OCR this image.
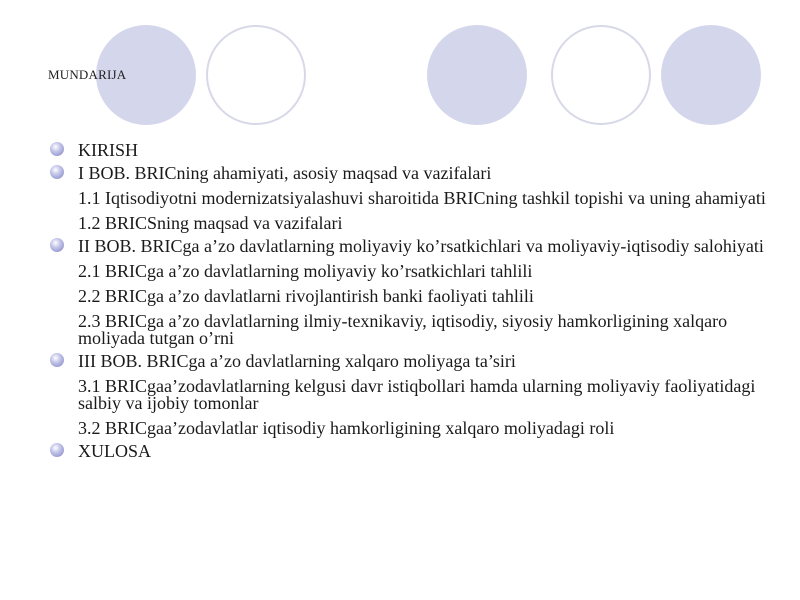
MUNDARIJA
KIRISH
I BOB. BRICning ahamiyati, asosiy maqsad va vazifalari
1.1 Iqtisodiyotni modernizatsiyalashuvi sharoitida BRICning tashkil topishi va uning ahamiyati
1.2 BRICSning maqsad va vazifalari
II BOB. BRICga a’zo davlatlarning moliyaviy ko’rsatkichlari va moliyaviy-iqtisodiy salohiyati
2.1 BRICga a’zo davlatlarning moliyaviy ko’rsatkichlari tahlili
2.2 BRICga a’zo davlatlarni rivojlantirish banki faoliyati tahlili
2.3 BRICga a’zo davlatlarning ilmiy-texnikaviy, iqtisodiy, siyosiy hamkorligining xalqaro moliyada tutgan o’rni
III BOB. BRICga a’zo davlatlarning xalqaro moliyaga ta’siri
3.1 BRICgaa’zodavlatlarning kelgusi davr istiqbollari hamda ularning moliyaviy faoliyatidagi salbiy va ijobiy tomonlar
3.2 BRICgaa’zodavlatlar iqtisodiy hamkorligining xalqaro moliyadagi roli
XULOSA
